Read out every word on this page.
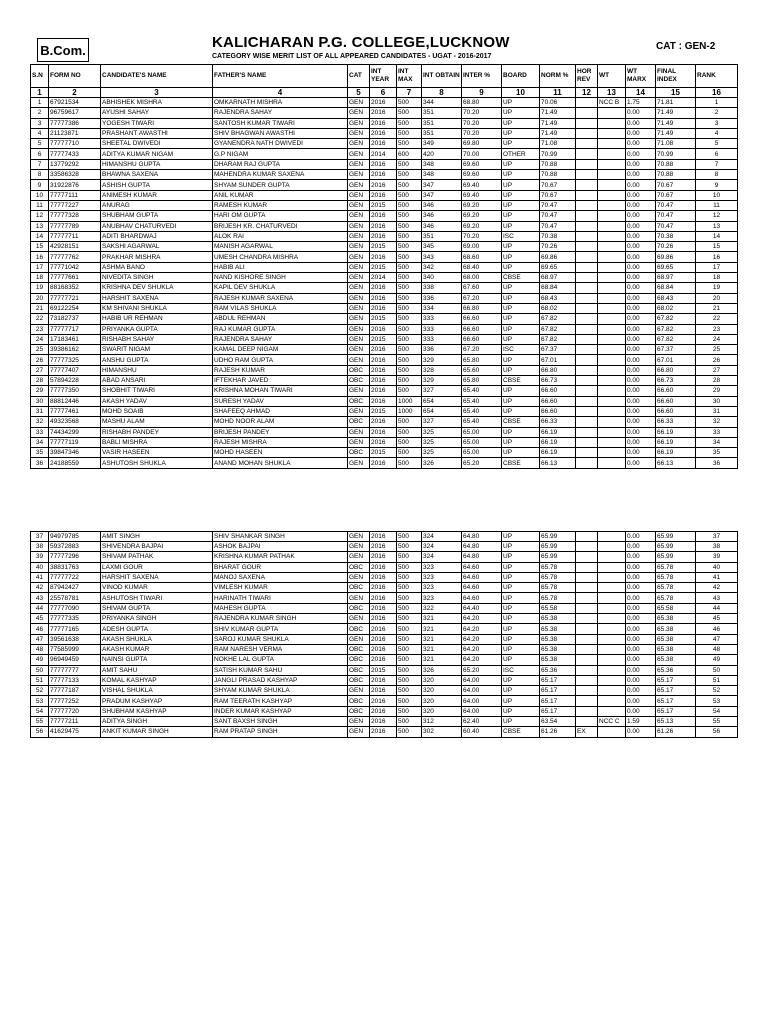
B.Com.	KALICHARAN P.G. COLLEGE,LUCKNOW
CATEGORY WISE MERIT LIST OF ALL APPEARED CANDIDATES - UGAT - 2016-2017
CAT : GEN-2
S.N	FORM NO	CANDIDATE'S NAME	FATHER'S NAME	CAT	INT YEAR	INT MAX	INT OBTAIN	INTER %	BOARD	NORM %	HOR REV	WT	WT MARX	FINAL INDEX	RANK
1	2	3	4	5	6	7	8	9	10	11	12	13	14	15	16
1	67921534	ABHISHEK MISHRA	OMKARNATH MISHRA	GEN	2016	500	344	68.80	UP	70.06		NCC B	1.75	71.81	1
2	96759617	AYUSHI SAHAY	RAJENDRA SAHAY	GEN	2016	500	351	70.20	UP	71.49			0.00	71.49	2
3	77777386	YOGESH TIWARI	SANTOSH KUMAR TIWARI	GEN	2016	500	351	70.20	UP	71.49			0.00	71.49	3
4	21123871	PRASHANT AWASTHI	SHIV BHAGWAN AWASTHI	GEN	2016	500	351	70.20	UP	71.49			0.00	71.49	4
5	77777710	SHEETAL DWIVEDI	GYANENDRA NATH DWIVEDI	GEN	2016	500	349	69.80	UP	71.08			0.00	71.08	5
6	77777433	ADITYA KUMAR NIGAM	G.P NIGAM	GEN	2014	600	420	70.00	OTHER	70.99			0.00	70.99	6
7	13779292	HIMANSHU GUPTA	DHARAM RAJ GUPTA	GEN	2016	500	348	69.60	UP	70.88			0.00	70.88	7
8	33586328	BHAWNA SAXENA	MAHENDRA KUMAR SAXENA	GEN	2016	500	348	69.60	UP	70.88			0.00	70.88	8
9	31922876	ASHISH GUPTA	SHYAM SUNDER GUPTA	GEN	2016	500	347	69.40	UP	70.67			0.00	70.67	9
10	77777111	ANIMESH KUMAR	ANIL KUMAR	GEN	2016	500	347	69.40	UP	70.67			0.00	70.67	10
11	77777227	ANURAG	RAMESH KUMAR	GEN	2015	500	346	69.20	UP	70.47			0.00	70.47	11
12	77777328	SHUBHAM GUPTA	HARI OM GUPTA	GEN	2016	500	346	69.20	UP	70.47			0.00	70.47	12
13	77777789	ANUBHAV CHATURVEDI	BRIJESH KR. CHATURVEDI	GEN	2016	500	346	69.20	UP	70.47			0.00	70.47	13
14	77777711	ADITI BHARDWAJ	ALOK RAI	GEN	2016	500	351	70.20	ISC	70.38			0.00	70.38	14
15	42928151	SAKSHI AGARWAL	MANISH AGARWAL	GEN	2015	500	345	69.00	UP	70.26			0.00	70.26	15
16	77777762	PRAKHAR MISHRA	UMESH CHANDRA MISHRA	GEN	2016	500	343	68.60	UP	69.86			0.00	69.86	16
17	77771042	ASHMA BANO	HABIB ALI	GEN	2015	500	342	68.40	UP	69.65			0.00	69.65	17
18	77777661	NIVEDITA SINGH	NAND KISHORE SINGH	GEN	2014	500	340	68.00	CBSE	68.97			0.00	68.97	18
19	88168352	KRISHNA DEV SHUKLA	KAPIL DEV SHUKLA	GEN	2016	500	338	67.60	UP	68.84			0.00	68.84	19
20	77777721	HARSHIT SAXENA	RAJESH KUMAR SAXENA	GEN	2016	500	336	67.20	UP	68.43			0.00	68.43	20
21	69122254	KM SHIVANI SHUKLA	RAM VILAS SHUKLA	GEN	2016	500	334	66.80	UP	68.02			0.00	68.02	21
22	73182737	HABIB UR REHMAN	ABDUL REHMAN	GEN	2015	500	333	66.60	UP	67.82			0.00	67.82	22
23	77777717	PRIYANKA GUPTA	RAJ KUMAR GUPTA	GEN	2016	500	333	66.60	UP	67.82			0.00	67.82	23
24	17183461	RISHABH SAHAY	RAJENDRA SAHAY	GEN	2015	500	333	66.60	UP	67.82			0.00	67.82	24
25	39386162	SWARIT NIGAM	KAMAL DEEP NIGAM	GEN	2016	500	336	67.20	ISC	67.37			0.00	67.37	25
26	77777325	ANSHU GUPTA	UDHO RAM GUPTA	GEN	2016	500	329	65.80	UP	67.01			0.00	67.01	26
27	77777407	HIMANSHU	RAJESH KUMAR	OBC	2016	500	328	65.60	UP	66.80			0.00	66.80	27
28	57894228	ABAD ANSARI	IFTEKHAR JAVED	OBC	2016	500	329	65.80	CBSE	66.73			0.00	66.73	28
29	77777350	SHOBHIT TIWARI	KRISHNA MOHAN TIWARI	GEN	2016	500	327	65.40	UP	66.60			0.00	66.60	29
30	88812446	AKASH YADAV	SURESH YADAV	OBC	2016	1000	654	65.40	UP	66.60			0.00	66.60	30
31	77777461	MOHD SOAIB	SHAFEEQ AHMAD	GEN	2015	1000	654	65.40	UP	66.60			0.00	66.60	31
32	49323568	MASHU ALAM	MOHD NOOR ALAM	OBC	2016	500	327	65.40	CBSE	66.33			0.00	66.33	32
33	74434299	RISHABH PANDEY	BRIJESH PANDEY	GEN	2016	500	325	65.00	UP	66.19			0.00	66.19	33
34	77777119	BABLI MISHRA	RAJESH MISHRA	GEN	2016	500	325	65.00	UP	66.19			0.00	66.19	34
35	39847346	VASIR HASEEN	MOHD HASEEN	OBC	2015	500	325	65.00	UP	66.19			0.00	66.19	35
36	24188559	ASHUTOSH SHUKLA	ANAND MOHAN SHUKLA	GEN	2016	500	326	65.20	CBSE	66.13			0.00	66.13	36
37	94979785	AMIT SINGH	SHIV SHANKAR SINGH	GEN	2016	500	324	64.80	UP	65.99			0.00	65.99	37
38	59372883	SHIVENDRA BAJPAI	ASHOK BAJPAI	GEN	2016	500	324	64.80	UP	65.99			0.00	65.99	38
39	77777296	SHIVAM PATHAK	KRISHNA KUMAR PATHAK	GEN	2016	500	324	64.80	UP	65.99			0.00	65.99	39
40	38831763	LAXMI GOUR	BHARAT GOUR	OBC	2016	500	323	64.60	UP	65.78			0.00	65.78	40
41	77777722	HARSHIT SAXENA	MANOJ SAXENA	GEN	2016	500	323	64.60	UP	65.78			0.00	65.78	41
42	87942427	VINOD KUMAR	VIMLESH KUMAR	OBC	2016	500	323	64.60	UP	65.78			0.00	65.78	42
43	25578781	ASHUTOSH TIWARI	HARINATH TIWARI	GEN	2016	500	323	64.60	UP	65.78			0.00	65.78	43
44	77777090	SHIVAM GUPTA	MAHESH GUPTA	OBC	2016	500	322	64.40	UP	65.58			0.00	65.58	44
45	77777335	PRIYANKA SINGH	RAJENDRA KUMAR SINGH	GEN	2016	500	321	64.20	UP	65.38			0.00	65.38	45
46	77777165	ADESH GUPTA	SHIV KUMAR GUPTA	OBC	2016	500	321	64.20	UP	65.38			0.00	65.38	46
47	39561638	AKASH SHUKLA	SAROJ KUMAR SHUKLA	GEN	2016	500	321	64.20	UP	65.38			0.00	65.38	47
48	77585999	AKASH KUMAR	RAM NARESH VERMA	OBC	2016	500	321	64.20	UP	65.38			0.00	65.38	48
49	96949459	NAINSI GUPTA	NOKHE LAL GUPTA	OBC	2016	500	321	64.20	UP	65.38			0.00	65.38	49
50	77777777	AMIT SAHU	SATISH KUMAR SAHU	OBC	2015	500	326	65.20	ISC	65.36			0.00	65.36	50
51	77777133	KOMAL KASHYAP	JANGLI PRASAD KASHYAP	OBC	2016	500	320	64.00	UP	65.17			0.00	65.17	51
52	77777187	VISHAL SHUKLA	SHYAM KUMAR SHUKLA	GEN	2016	500	320	64.00	UP	65.17			0.00	65.17	52
53	77777252	PRADUM KASHYAP	RAM TEERATH KASHYAP	OBC	2016	500	320	64.00	UP	65.17			0.00	65.17	53
54	77777720	SHUBHAM KASHYAP	INDER KUMAR KASHYAP	OBC	2016	500	320	64.00	UP	65.17			0.00	65.17	54
55	77777211	ADITYA SINGH	SANT BAXSH SINGH	GEN	2016	500	312	62.40	UP	63.54		NCC C	1.59	65.13	55
56	41629475	ANKIT KUMAR SINGH	RAM PRATAP SINGH	GEN	2016	500	302	60.40	CBSE	61.26	EX		0.00	61.26	56
